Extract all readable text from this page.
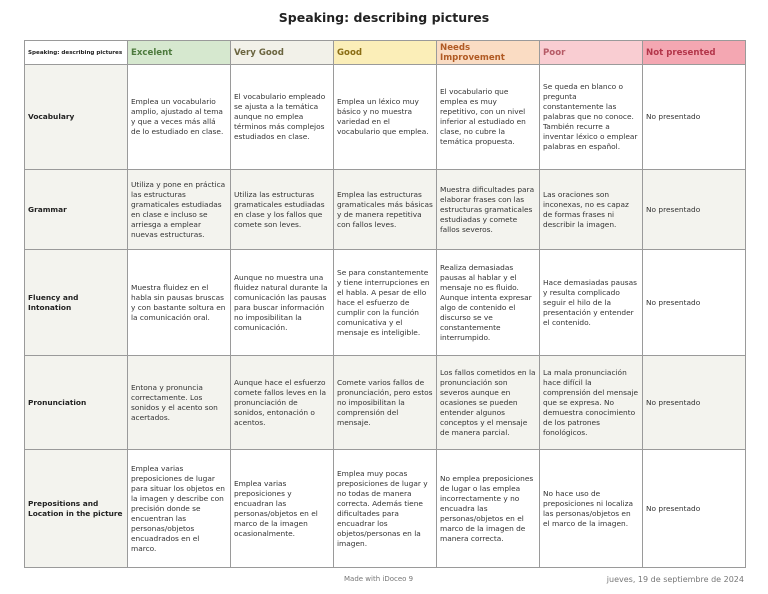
Speaking: describing pictures
Speaking: describing pictures	Excelent	Very Good	Good	Needs Improvement	Poor	Not presented
Vocabulary	Emplea un vocabulario amplio, ajustado al tema y que a veces más allá de lo estudiado en clase.	El vocabulario empleado se ajusta a la temática aunque no emplea términos más complejos estudiados en clase.	Emplea un léxico muy básico y no muestra variedad en el vocabulario que emplea.	El vocabulario que emplea es muy repetitivo, con un nivel inferior al estudiado en clase, no cubre la temática propuesta.	Se queda en blanco o pregunta constantemente las palabras que no conoce. También recurre a inventar léxico o emplear palabras en español.	No presentado
Grammar	Utiliza y pone en práctica las estructuras gramaticales estudiadas en clase e incluso se arriesga a emplear nuevas estructuras.	Utiliza las estructuras gramaticales estudiadas en clase y los fallos que comete son leves.	Emplea las estructuras gramaticales más básicas y de manera repetitiva con fallos leves.	Muestra dificultades para elaborar frases con las estructuras gramaticales estudiadas y comete fallos severos.	Las oraciones son inconexas, no es capaz de formas frases ni describir la imagen.	No presentado
Fluency and Intonation	Muestra fluidez en el habla sin pausas bruscas y con bastante soltura en la comunicación oral.	Aunque no muestra una fluidez natural durante la comunicación las pausas para buscar información no imposibilitan la comunicación.	Se para constantemente y tiene interrupciones en el habla. A pesar de ello hace el esfuerzo de cumplir con la función comunicativa y el mensaje es inteligible.	Realiza demasiadas pausas al hablar y el mensaje no es fluido. Aunque intenta expresar algo de contenido el discurso se ve constantemente interrumpido.	Hace demasiadas pausas y resulta complicado seguir el hilo de la presentación y entender el contenido.	No presentado
Pronunciation	Entona y pronuncia correctamente. Los sonidos y el acento son acertados.	Aunque hace el esfuerzo comete fallos leves en la pronunciación de sonidos, entonación o acentos.	Comete varios fallos de pronunciación, pero estos no imposibilitan la comprensión del mensaje.	Los fallos cometidos en la pronunciación son severos aunque en ocasiones se pueden entender algunos conceptos y el mensaje de manera parcial.	La mala pronunciación hace difícil la comprensión del mensaje que se expresa. No demuestra conocimiento de los patrones fonológicos.	No presentado
Prepositions and Location in the picture	Emplea varias preposiciones de lugar para situar los objetos en la imagen y describe con precisión donde se encuentran las personas/objetos encuadrados en el marco.	Emplea varias preposiciones y encuadran las personas/objetos en el marco de la imagen ocasionalmente.	Emplea muy pocas preposiciones de lugar y no todas de manera correcta. Además tiene dificultades para encuadrar los objetos/personas en la imagen.	No emplea preposiciones de lugar o las emplea incorrectamente y no encuadra las personas/objetos en el marco de la imagen de manera correcta.	No hace uso de preposiciones ni localiza las personas/objetos en el marco de la imagen.	No presentado
Made with iDoceo 9	jueves, 19 de septiembre de 2024
